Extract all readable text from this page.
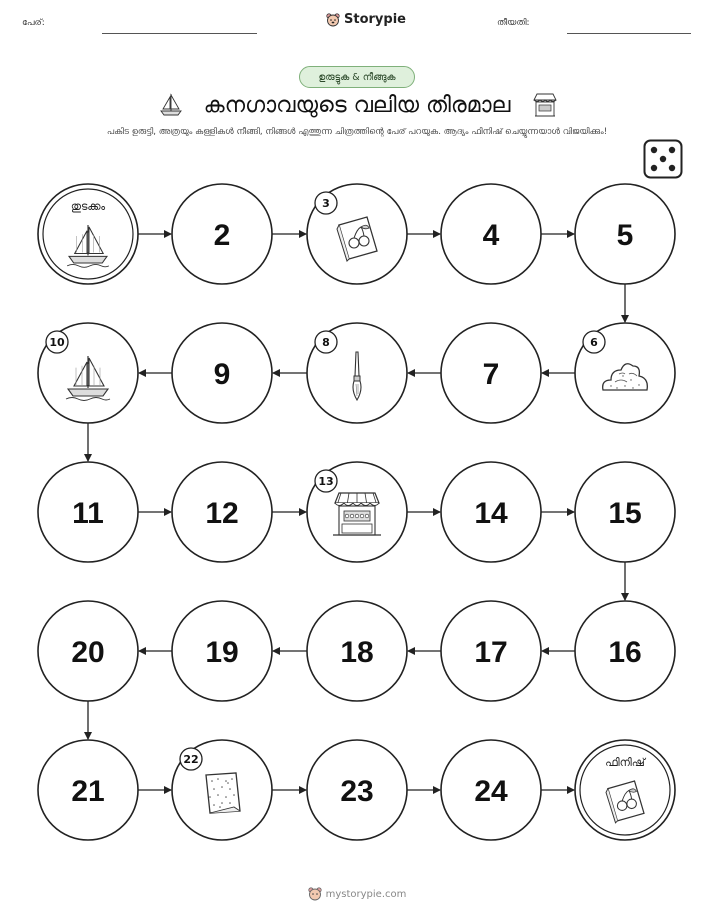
പേര്:	Storypie	തീയതി:
ഉരുട്ടുക & നീങ്ങുക
കനഗാവയുടെ വലിയ തിരമാല
പകിട ഉരുട്ടി, അത്രയും കള്ളികൾ നീങ്ങി, നിങ്ങൾ എത്തുന്ന ചിത്രത്തിന്റെ പേര് പറയുക. ആദ്യം ഫിനിഷ് ചെയ്യുന്നയാൾ വിജയിക്കും!
തുടക്കം
2
3
4	5
6
7
8
9
10
11	12
13
14	15
16
17
18
19
20
21
22
23	24
ഫിനിഷ്
mystorypie.com
